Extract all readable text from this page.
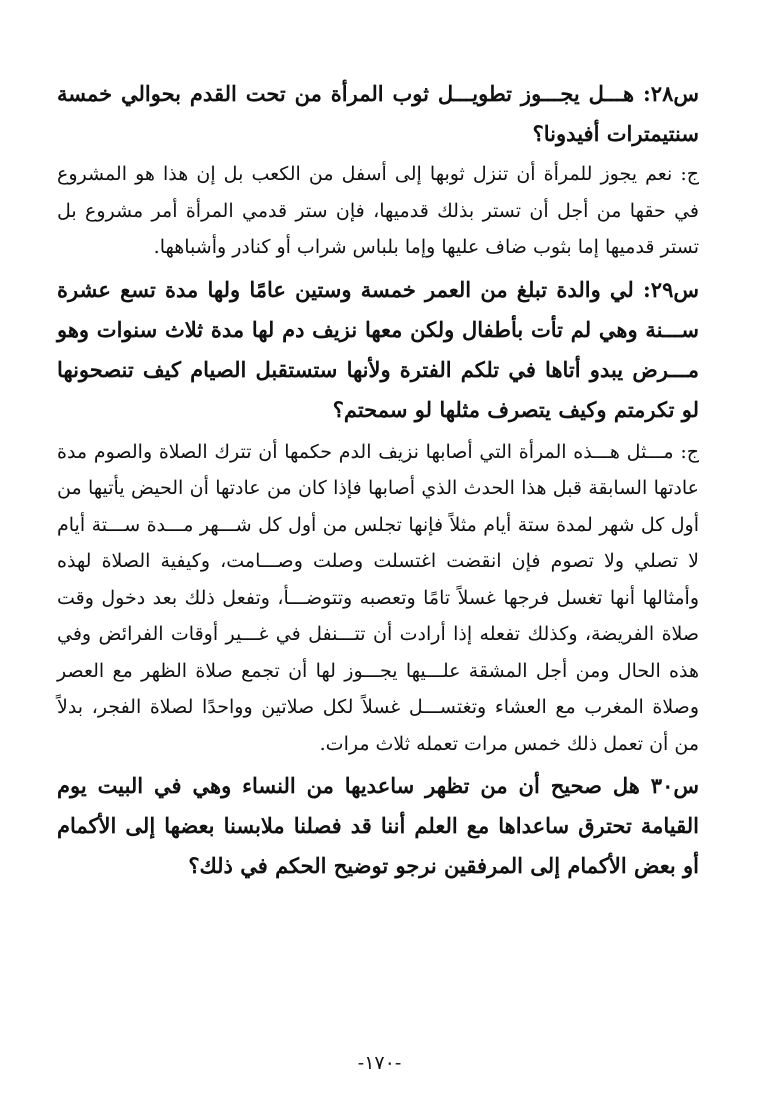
س٢٨: هـــل يجـــوز تطويـــل ثوب المرأة من تحت القدم بحوالي خمسة سنتيمترات أفيدونا؟

ج: نعم يجوز للمرأة أن تنزل ثوبها إلى أسفل من الكعب بل إن هذا هو المشروع في حقها من أجل أن تستر بذلك قدميها، فإن ستر قدمي المرأة أمر مشروع بل تستر قدميها إما بثوب ضاف عليها وإما بلباس شراب أو كنادر وأشباهها.

س٢٩: لي والدة تبلغ من العمر خمسة وستين عامًا ولها مدة تسع عشرة ســـنة وهي لم تأت بأطفال ولكن معها نزيف دم لها مدة ثلاث سنوات وهو مـــرض يبدو أتاها في تلكم الفترة ولأنها ستستقبل الصيام كيف تنصحونها لو تكرمتم وكيف يتصرف مثلها لو سمحتم؟

ج: مـــثل هـــذه المرأة التي أصابها نزيف الدم حكمها أن تترك الصلاة والصوم مدة عادتها السابقة قبل هذا الحدث الذي أصابها فإذا كان من عادتها أن الحيض يأتيها من أول كل شهر لمدة ستة أيام مثلاً فإنها تجلس من أول كل شـــهر مـــدة ســـتة أيام لا تصلي ولا تصوم فإن انقضت اغتسلت وصلت وصـــامت، وكيفية الصلاة لهذه وأمثالها أنها تغسل فرجها غسلاً تامًا وتعصبه وتتوضـــأ، وتفعل ذلك بعد دخول وقت صلاة الفريضة، وكذلك تفعله إذا أرادت أن تتـــنفل في غـــير أوقات الفرائض وفي هذه الحال ومن أجل المشقة علـــيها يجـــوز لها أن تجمع صلاة الظهر مع العصر وصلاة المغرب مع العشاء وتغتســـل غسلاً لكل صلاتين وواحدًا لصلاة الفجر، بدلاً من أن تعمل ذلك خمس مرات تعمله ثلاث مرات.

س٣٠ هل صحيح أن من تظهر ساعديها من النساء وهي في البيت يوم القيامة تحترق ساعداها مع العلم أننا قد فصلنا ملابسنا بعضها إلى الأكمام أو بعض الأكمام إلى المرفقين نرجو توضيح الحكم في ذلك؟

-١٧٠-
